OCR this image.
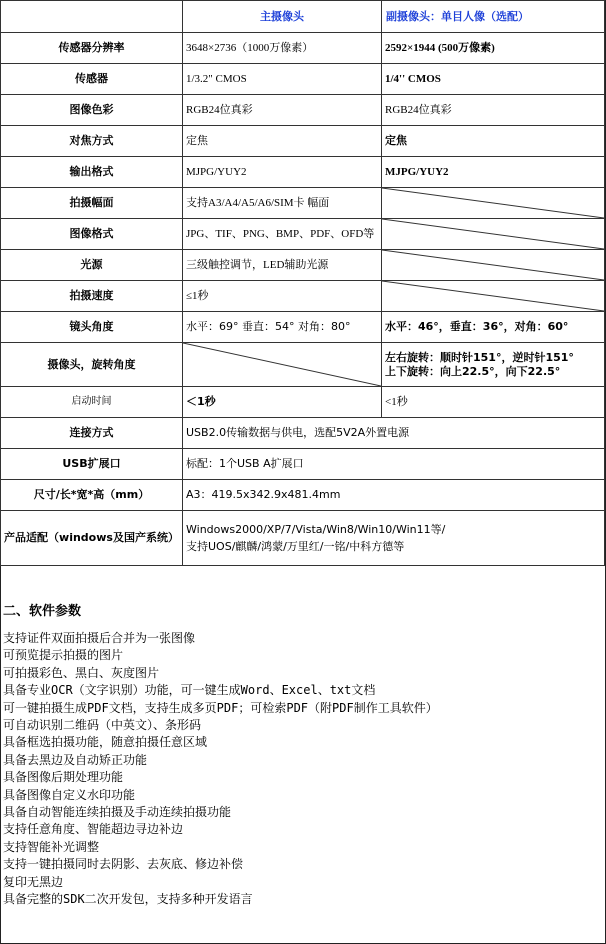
	主摄像头	副摄像头：单目人像（选配）
传感器分辨率	3648×2736（1000万像素）	2592×1944 (500万像素)
传感器	1/3.2" CMOS	1/4'' CMOS
图像色彩	RGB24位真彩	RGB24位真彩
对焦方式	定焦	定焦
输出格式	MJPG/YUY2	MJPG/YUY2
拍摄幅面	支持A3/A4/A5/A6/SIM卡 幅面	

图像格式	JPG、TIF、PNG、BMP、PDF、OFD等

光源	三级触控调节，LED辅助光源	

拍摄速度	≤1秒	

镜头角度	水平：69° 垂直：54° 对角：80°	水平：46°，垂直：36°，对角：60°
摄像头，旋转角度		左右旋转：顺时针151°，逆时针151°
上下旋转：向上22.5°，向下22.5°

启动时间	＜1秒	<1秒
连接方式	USB2.0传输数据与供电，选配5V2A外置电源	
USB扩展口	标配：1个USB A扩展口	
尺寸/长*宽*高（mm）	A3：419.5x342.9x481.4mm	
产品适配（windows及国产系统）	Windows2000/XP/7/Vista/Win8/Win10/Win11等/
支持UOS/麒麟/鸿蒙/万里红/一铭/中科方德等	
二、软件参数
支持证件双面拍摄后合并为一张图像
可预览提示拍摄的图片
可拍摄彩色、黑白、灰度图片
具备专业OCR（文字识别）功能，可一键生成Word、Excel、txt文档
可一键拍摄生成PDF文档，支持生成多页PDF；可检索PDF（附PDF制作工具软件）
可自动识别二维码（中英文）、条形码
具备框选拍摄功能，随意拍摄任意区域
具备去黑边及自动矫正功能
具备图像后期处理功能
具备图像自定义水印功能
具备自动智能连续拍摄及手动连续拍摄功能
支持任意角度、智能超边寻边补边
支持智能补光调整
支持一键拍摄同时去阴影、去灰底、修边补偿
复印无黑边
具备完整的SDK二次开发包，支持多种开发语言
